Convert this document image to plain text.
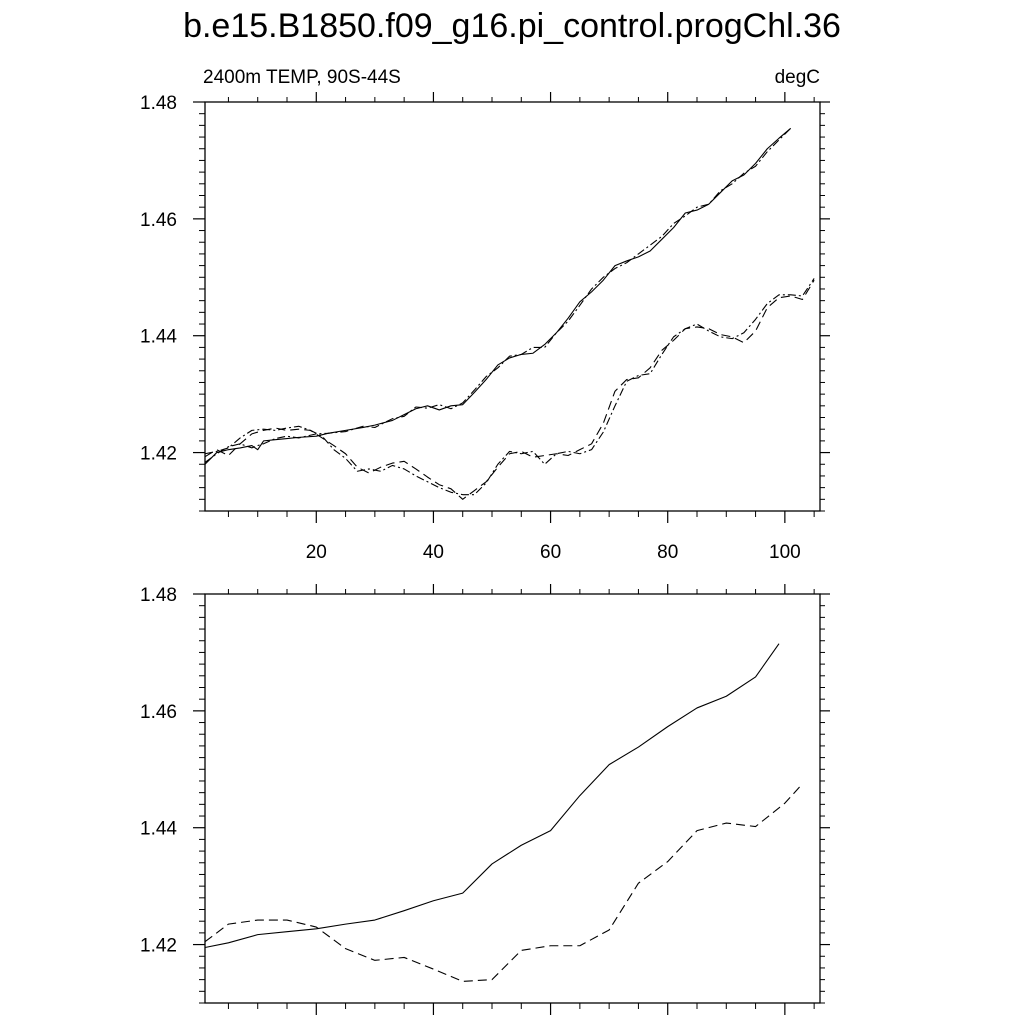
b.e15.B1850.f09_g16.pi_control.progChl.36
2400m TEMP, 90S-44S	degC
20	40	60	80	100
1.42
1.44
1.46
1.48
1.42
1.44
1.46
1.48
